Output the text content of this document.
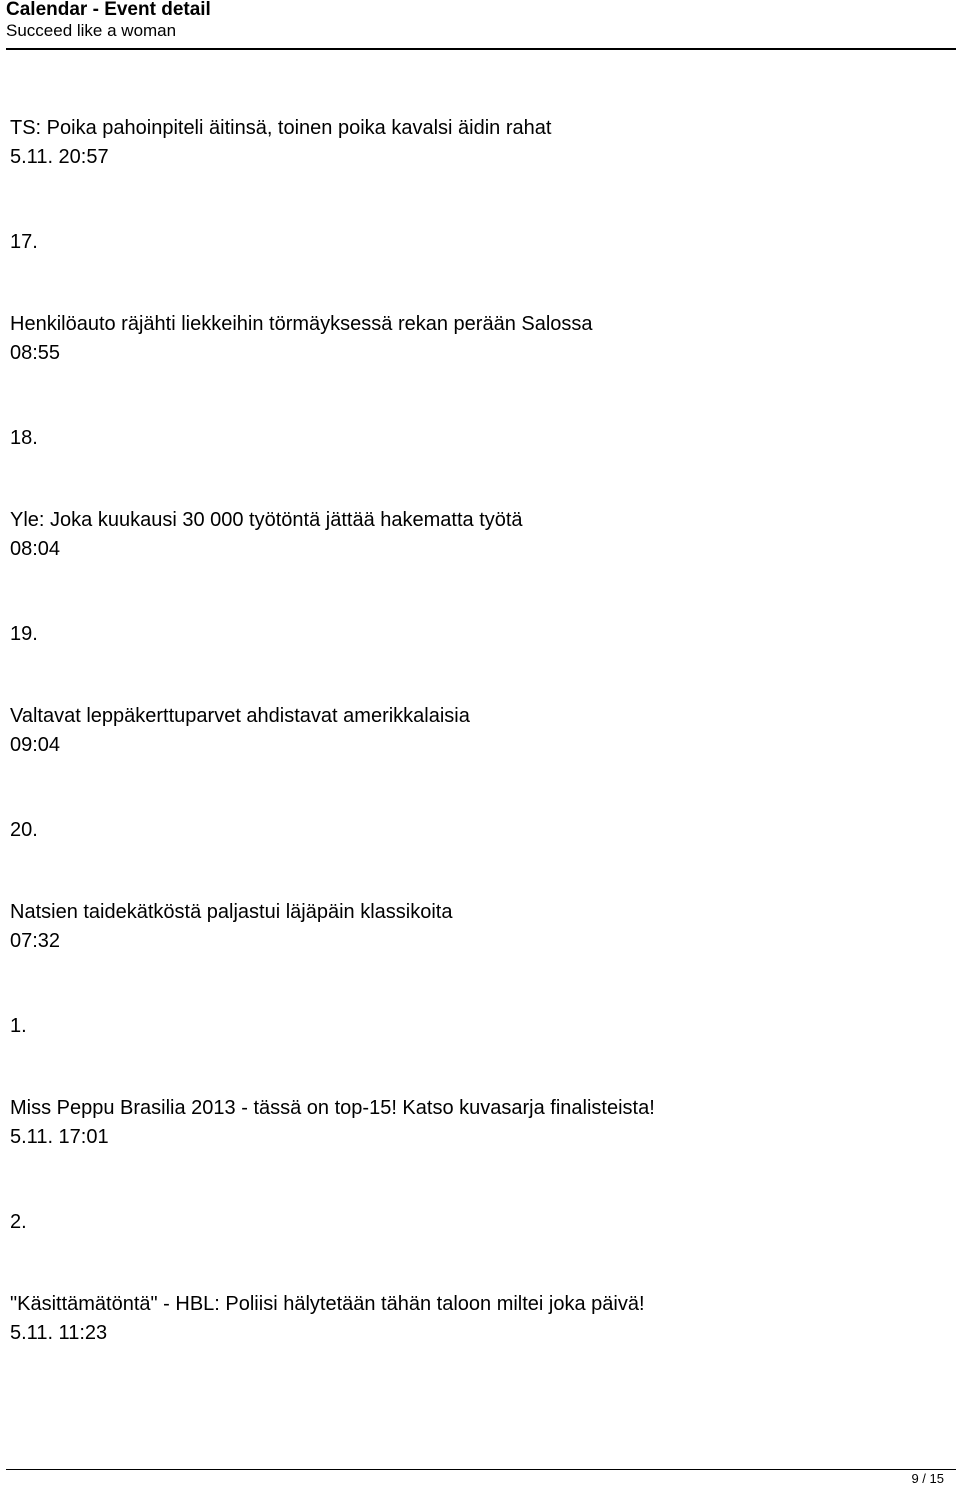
Calendar - Event detail
Succeed like a woman
TS: Poika pahoinpiteli äitinsä, toinen poika kavalsi äidin rahat
5.11. 20:57
17.
Henkilöauto räjähti liekkeihin törmäyksessä rekan perään Salossa
08:55
18.
Yle: Joka kuukausi 30 000 työtöntä jättää hakematta työtä
08:04
19.
Valtavat leppäkerttuparvet ahdistavat amerikkalaisia
09:04
20.
Natsien taidekätköstä paljastui läjäpäin klassikoita
07:32
1.
Miss Peppu Brasilia 2013 - tässä on top-15! Katso kuvasarja finalisteista!
5.11. 17:01
2.
"Käsittämätöntä" - HBL: Poliisi hälytetään tähän taloon miltei joka päivä!
5.11. 11:23
9 / 15
